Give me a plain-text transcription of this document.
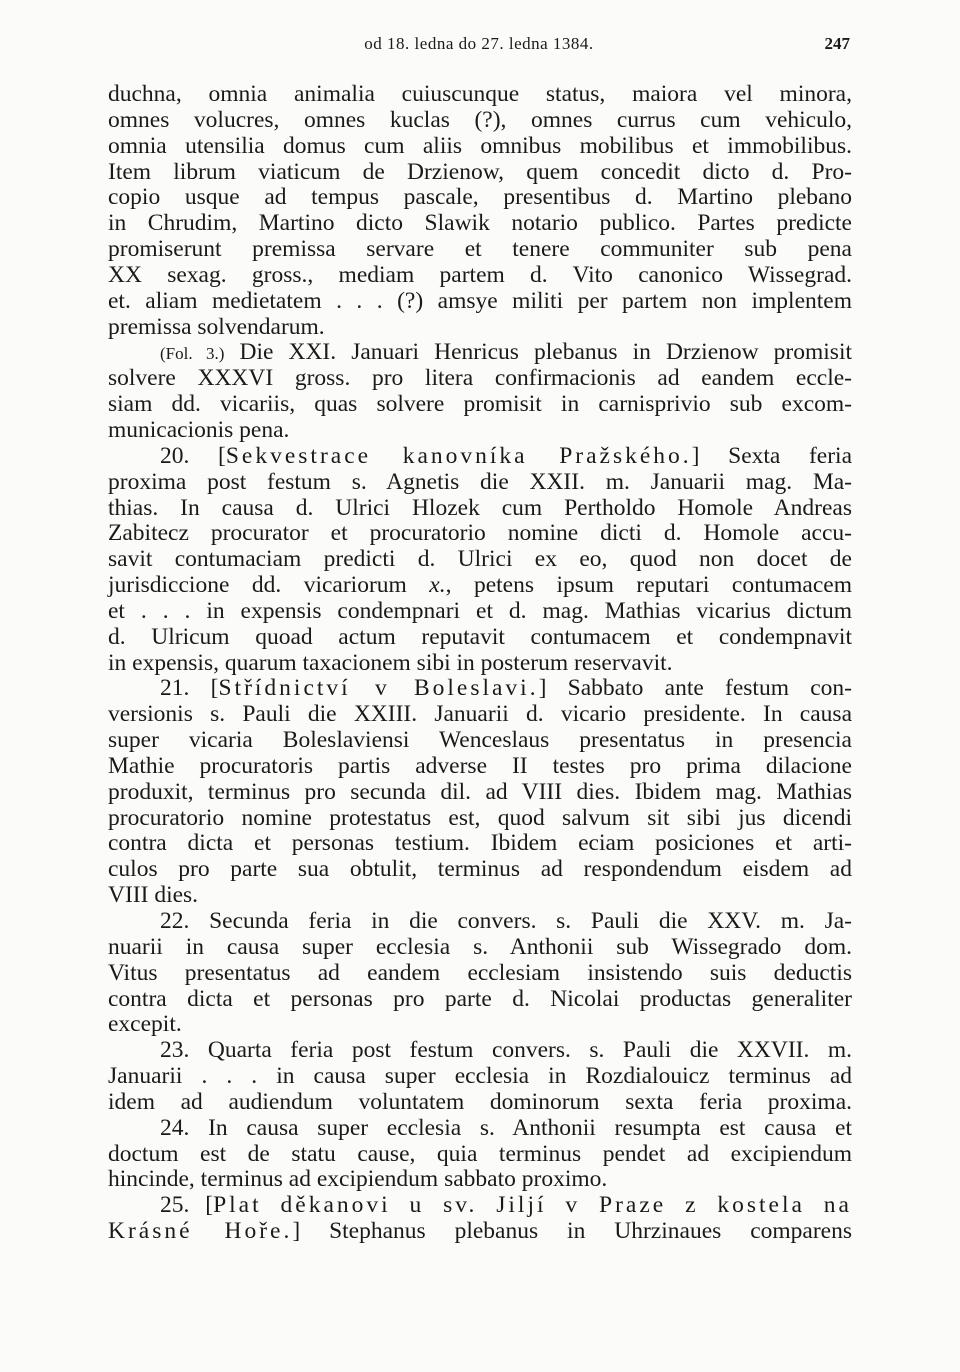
od 18. ledna do 27. ledna 1384.	247
duchna, omnia animalia cuiuscunque status, maiora vel minora,
omnes volucres, omnes kuclas (?), omnes currus cum vehiculo,
omnia utensilia domus cum aliis omnibus mobilibus et immobilibus.
Item librum viaticum de Drzienow, quem concedit dicto d. Pro-
copio usque ad tempus pascale, presentibus d. Martino plebano
in Chrudim, Martino dicto Slawik notario publico. Partes predicte
promiserunt premissa servare et tenere communiter sub pena
XX sexag. gross., mediam partem d. Vito canonico Wissegrad.
et. aliam medietatem . . . (?) amsye militi per partem non implentem
premissa solvendarum.
(Fol. 3.) Die XXI. Januari Henricus plebanus in Drzienow promisit
solvere XXXVI gross. pro litera confirmacionis ad eandem eccle-
siam dd. vicariis, quas solvere promisit in carnisprivio sub excom-
municacionis pena.
20. [Sekvestrace kanovníka Pražského.] Sexta feria
proxima post festum s. Agnetis die XXII. m. Januarii mag. Ma-
thias. In causa d. Ulrici Hlozek cum Pertholdo Homole Andreas
Zabitecz procurator et procuratorio nomine dicti d. Homole accu-
savit contumaciam predicti d. Ulrici ex eo, quod non docet de
jurisdiccione dd. vicariorum x., petens ipsum reputari contumacem
et . . . in expensis condempnari et d. mag. Mathias vicarius dictum
d. Ulricum quoad actum reputavit contumacem et condempnavit
in expensis, quarum taxacionem sibi in posterum reservavit.
21. [Střídnictví v Boleslavi.] Sabbato ante festum con-
versionis s. Pauli die XXIII. Januarii d. vicario presidente. In causa
super vicaria Boleslaviensi Wenceslaus presentatus in presencia
Mathie procuratoris partis adverse II testes pro prima dilacione
produxit, terminus pro secunda dil. ad VIII dies. Ibidem mag. Mathias
procuratorio nomine protestatus est, quod salvum sit sibi jus dicendi
contra dicta et personas testium. Ibidem eciam posiciones et arti-
culos pro parte sua obtulit, terminus ad respondendum eisdem ad
VIII dies.
22. Secunda feria in die convers. s. Pauli die XXV. m. Ja-
nuarii in causa super ecclesia s. Anthonii sub Wissegrado dom.
Vitus presentatus ad eandem ecclesiam insistendo suis deductis
contra dicta et personas pro parte d. Nicolai productas generaliter
excepit.
23. Quarta feria post festum convers. s. Pauli die XXVII. m.
Januarii . . . in causa super ecclesia in Rozdialouicz terminus ad
idem ad audiendum voluntatem dominorum sexta feria proxima.
24. In causa super ecclesia s. Anthonii resumpta est causa et
doctum est de statu cause, quia terminus pendet ad excipiendum
hincinde, terminus ad excipiendum sabbato proximo.
25. [Plat děkanovi u sv. Jiljí v Praze z kostela na
Krásné Hoře.] Stephanus plebanus in Uhrzinaues comparens
